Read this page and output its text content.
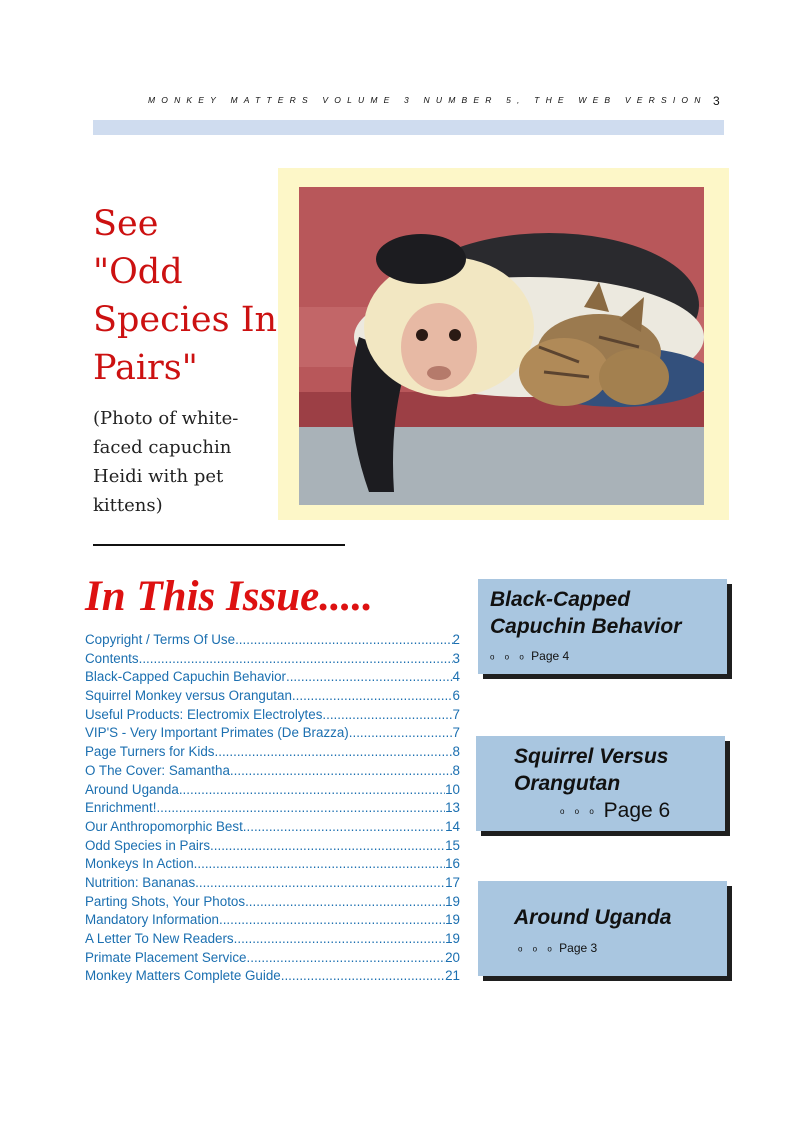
MONKEY MATTERS VOLUME 3 NUMBER 5, THE WEB VERSION 3
See
"Odd
Species In
Pairs"
(Photo of white-faced capuchin Heidi with pet kittens)
In This Issue.....
Copyright / Terms Of Use .....	2
Contents .....	3
Black-Capped Capuchin Behavior .....	4
Squirrel Monkey versus Orangutan .....	6
Useful Products: Electromix Electrolytes .....	7
VIP'S - Very Important Primates (De Brazza) .....	7
Page Turners for Kids .....	8
O The Cover: Samantha .....	8
Around Uganda .....	10
Enrichment! .....	13
Our Anthropomorphic Best .....	14
Odd Species in Pairs .....	15
Monkeys In Action .....	16
Nutrition: Bananas .....	17
Parting Shots, Your Photos .....	19
Mandatory Information .....	19
A Letter To New Readers .....	19
Primate Placement Service .....	20
Monkey Matters Complete Guide .....	21
Black-Capped
Capuchin Behavior
o o o Page 4
Squirrel Versus
Orangutan
o o o Page 6
Around Uganda
o o o Page 3
